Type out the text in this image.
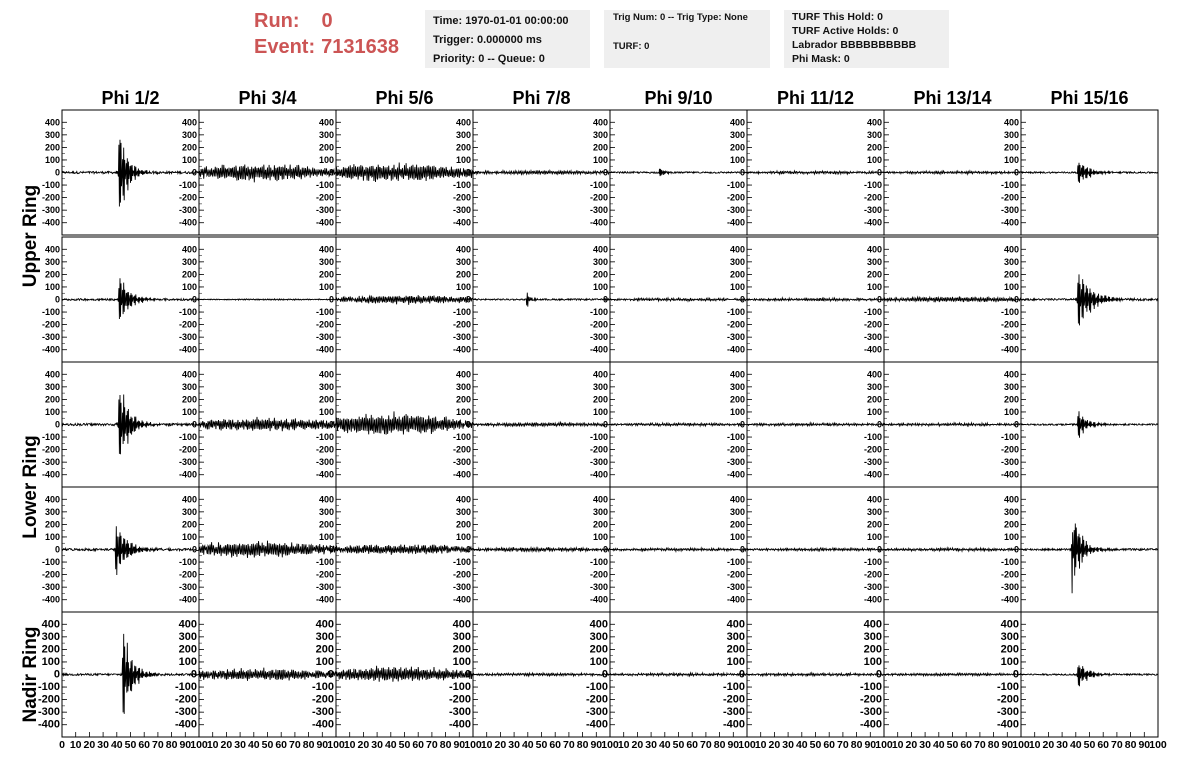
Run: 0
Event: 7131638
Time: 1970-01-01 00:00:00
Trigger: 0.000000 ms
Priority: 0 -- Queue: 0
Trig Num: 0 -- Trig Type: None
TURF: 0
TURF This Hold: 0
TURF Active Holds: 0
Labrador BBBBBBBBBB
Phi Mask: 0
Phi 1/2	Phi 3/4	Phi 5/6	Phi 7/8	Phi 9/10	Phi 11/12	Phi 13/14	Phi 15/16
Upper Ring
Lower Ring
Nadir Ring
400
300
200
100
0
-100
-200
-300
-400
400
300
200
100
0
-100
-200
-300
-400
400
300
200
100
0
-100
-200
-300
-400
400
300
200
100
0
-100
-200
-300
-400
400
300
200
100
0
-100
-200
-300
-400
400
300
200
100
0
-100
-200
-300
-400
400
300
200
100
0
-100
-200
-300
-400
400
300
200
100
0
-100
-200
-300
-400
400
300
200
100
0
-100
-200
-300
-400
400
300
200
100
0
-100
-200
-300
-400
400
300
200
100
0
-100
-200
-300
-400
400
300
200
100
0
-100
-200
-300
-400
400
300
200
100
0
-100
-200
-300
-400
400
300
200
100
0
-100
-200
-300
-400
400
300
200
100
0
-100
-200
-300
-400
400
300
200
100
0
-100
-200
-300
-400
400
300
200
100
0
-100
-200
-300
-400
400
300
200
100
0
-100
-200
-300
-400
400
300
200
100
0
-100
-200
-300
-400
400
300
200
100
0
-100
-200
-300
-400
400
300
200
100
0
-100
-200
-300
-400
400
300
200
100
0
-100
-200
-300
-400
400
300
200
100
0
-100
-200
-300
-400
400
300
200
100
0
-100
-200
-300
-400
400
300
200
100
0
-100
-200
-300
-400
400
300
200
100
0
-100
-200
-300
-400
400
300
200
100
0
-100
-200
-300
-400
400
300
200
100
0
-100
-200
-300
-400
400
300
200
100
0
-100
-200
-300
-400
400
300
200
100
0
-100
-200
-300
-400
400
300
200
100
0
-100
-200
-300
-400
400
300
200
100
0
-100
-200
-300
-400
400
300
200
100
0
-100
-200
-300
-400
0 10 20 30 40 50 60 70 80 90 100
400
300
200
100
0
-100
-200
-300
-400
10 20 30 40 50 60 70 80 90 100
400
300
200
100
0
-100
-200
-300
-400
10 20 30 40 50 60 70 80 90 100
400
300
200
100
0
-100
-200
-300
-400
10 20 30 40 50 60 70 80 90 100
400
300
200
100
0
-100
-200
-300
-400
10 20 30 40 50 60 70 80 90 100
400
300
200
100
0
-100
-200
-300
-400
10 20 30 40 50 60 70 80 90 100
400
300
200
100
0
-100
-200
-300
-400
10 20 30 40 50 60 70 80 90 100
400
300
200
100
0
-100
-200
-300
-400
10 20 30 40 50 60 70 80 90 100
